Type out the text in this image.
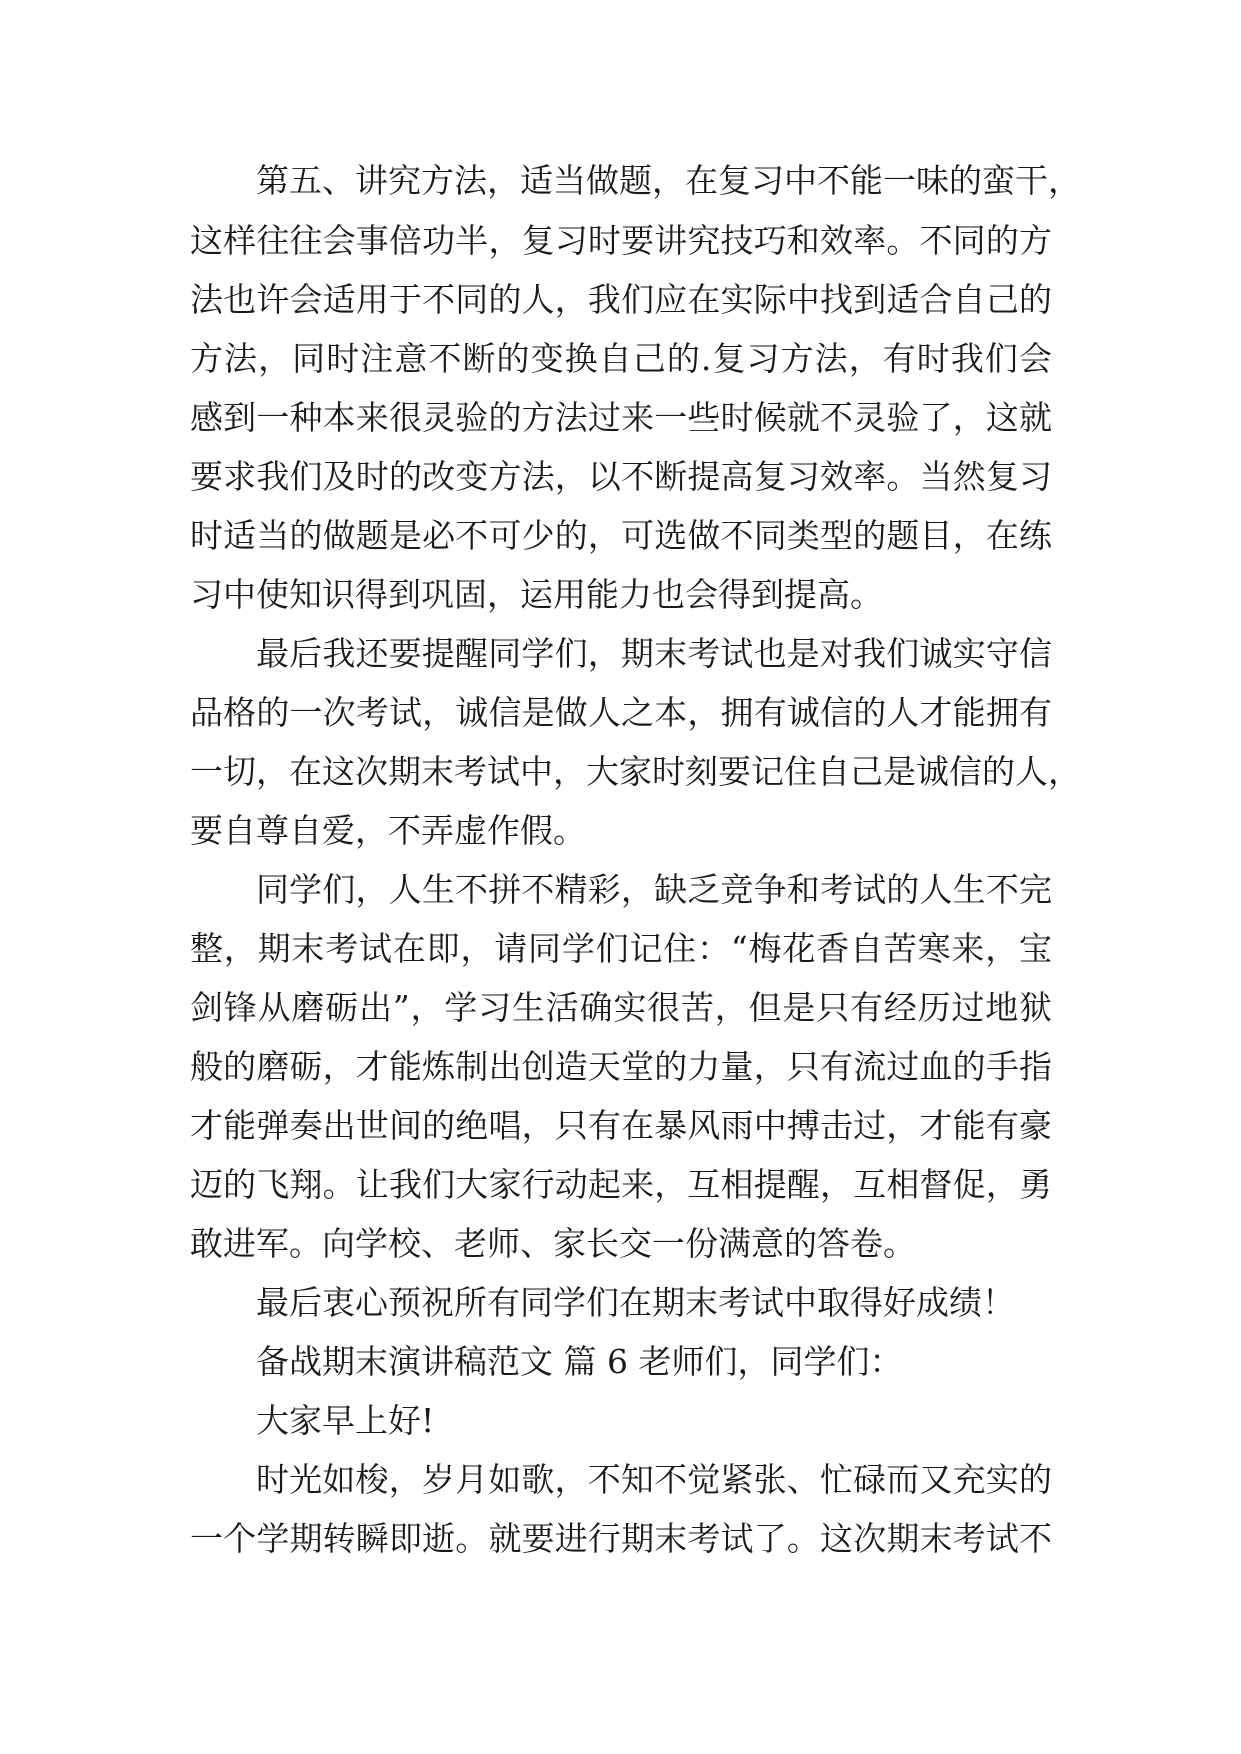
第五、讲究方法，适当做题，在复习中不能一味的蛮干，
这样往往会事倍功半，复习时要讲究技巧和效率。不同的方
法也许会适用于不同的人，我们应在实际中找到适合自己的
方法，同时注意不断的变换自己的.复习方法，有时我们会
感到一种本来很灵验的方法过来一些时候就不灵验了，这就
要求我们及时的改变方法，以不断提高复习效率。当然复习
时适当的做题是必不可少的，可选做不同类型的题目，在练
习中使知识得到巩固，运用能力也会得到提高。
最后我还要提醒同学们，期末考试也是对我们诚实守信
品格的一次考试，诚信是做人之本，拥有诚信的人才能拥有
一切，在这次期末考试中，大家时刻要记住自己是诚信的人，
要自尊自爱，不弄虚作假。
同学们，人生不拼不精彩，缺乏竞争和考试的人生不完
整，期末考试在即，请同学们记住：“梅花香自苦寒来，宝
剑锋从磨砺出”，学习生活确实很苦，但是只有经历过地狱
般的磨砺，才能炼制出创造天堂的力量，只有流过血的手指
才能弹奏出世间的绝唱，只有在暴风雨中搏击过，才能有豪
迈的飞翔。让我们大家行动起来，互相提醒，互相督促，勇
敢进军。向学校、老师、家长交一份满意的答卷。
最后衷心预祝所有同学们在期末考试中取得好成绩！
备战期末演讲稿范文 篇 6 老师们，同学们：
大家早上好!
时光如梭，岁月如歌，不知不觉紧张、忙碌而又充实的
一个学期转瞬即逝。就要进行期末考试了。这次期末考试不
